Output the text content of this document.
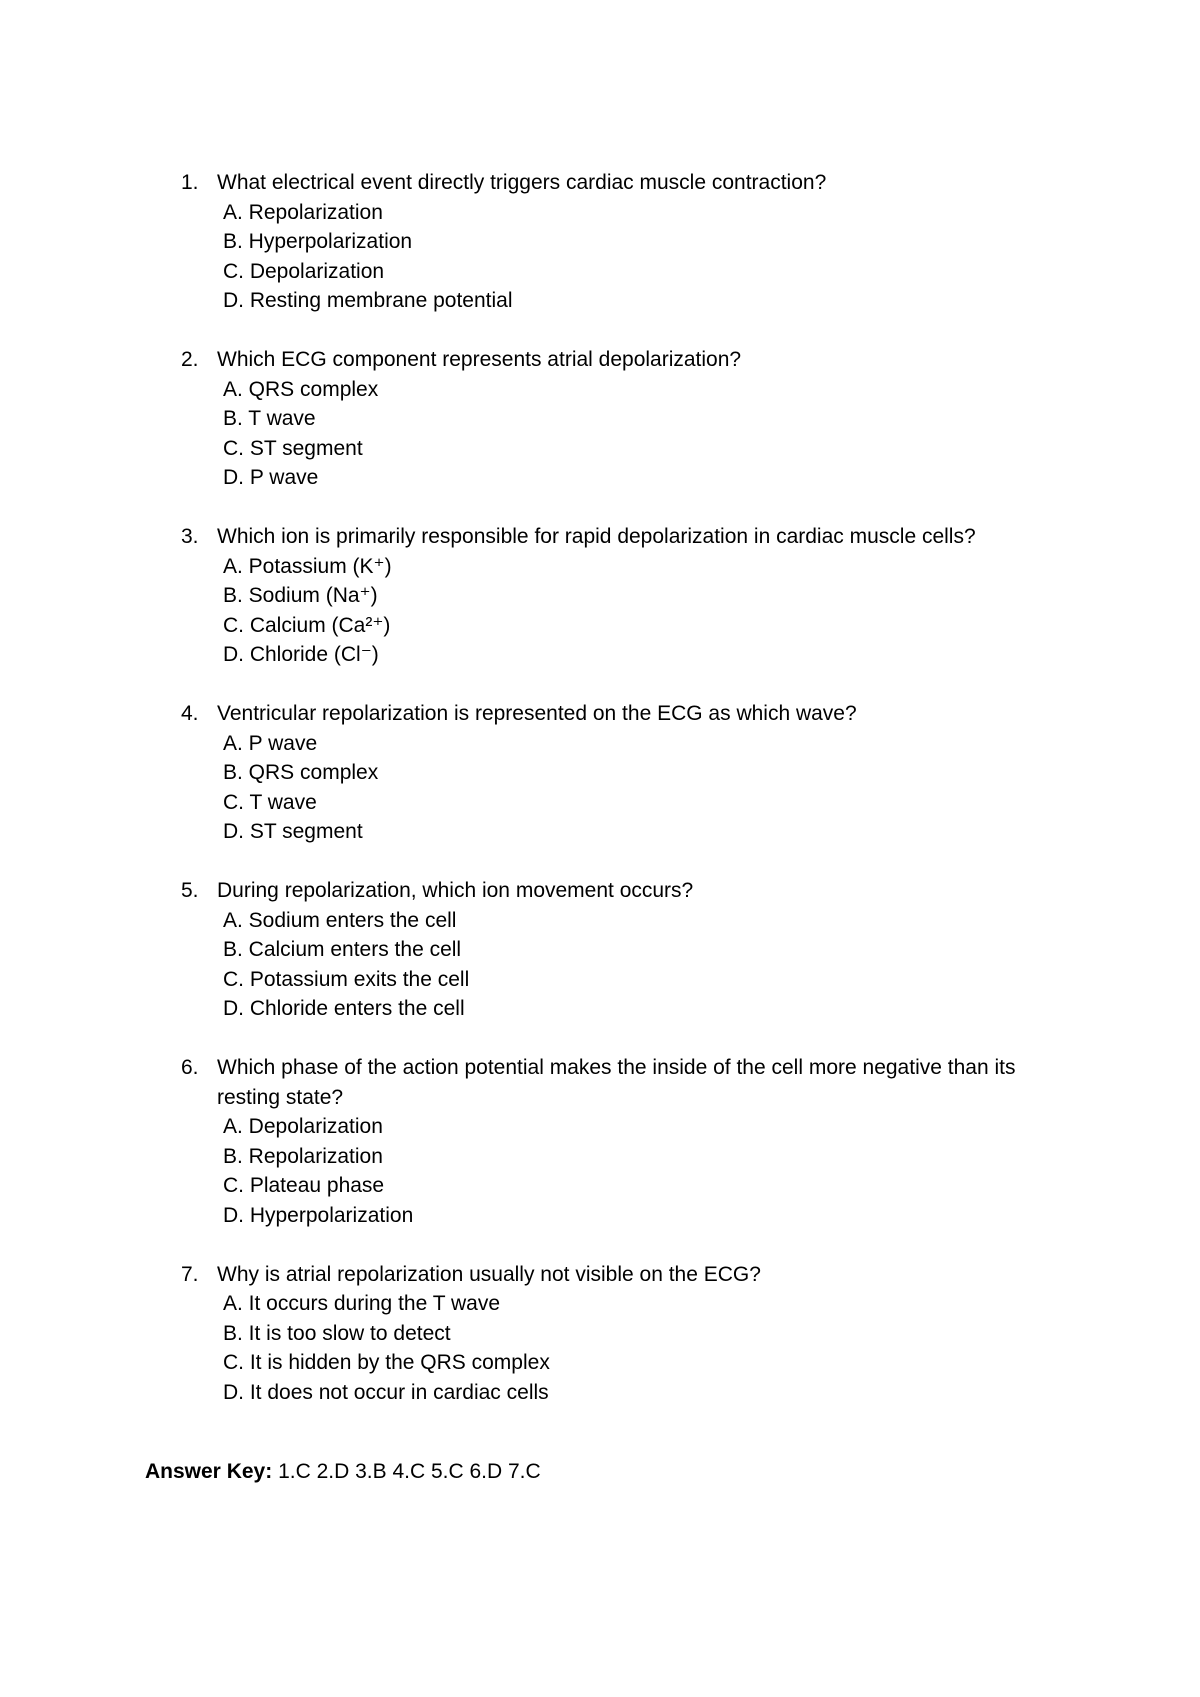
1. What electrical event directly triggers cardiac muscle contraction?
A. Repolarization
B. Hyperpolarization
C. Depolarization
D. Resting membrane potential
2. Which ECG component represents atrial depolarization?
A. QRS complex
B. T wave
C. ST segment
D. P wave
3. Which ion is primarily responsible for rapid depolarization in cardiac muscle cells?
A. Potassium (K⁺)
B. Sodium (Na⁺)
C. Calcium (Ca²⁺)
D. Chloride (Cl⁻)
4. Ventricular repolarization is represented on the ECG as which wave?
A. P wave
B. QRS complex
C. T wave
D. ST segment
5. During repolarization, which ion movement occurs?
A. Sodium enters the cell
B. Calcium enters the cell
C. Potassium exits the cell
D. Chloride enters the cell
6. Which phase of the action potential makes the inside of the cell more negative than its resting state?
A. Depolarization
B. Repolarization
C. Plateau phase
D. Hyperpolarization
7. Why is atrial repolarization usually not visible on the ECG?
A. It occurs during the T wave
B. It is too slow to detect
C. It is hidden by the QRS complex
D. It does not occur in cardiac cells
Answer Key: 1.C 2.D 3.B 4.C 5.C 6.D 7.C
